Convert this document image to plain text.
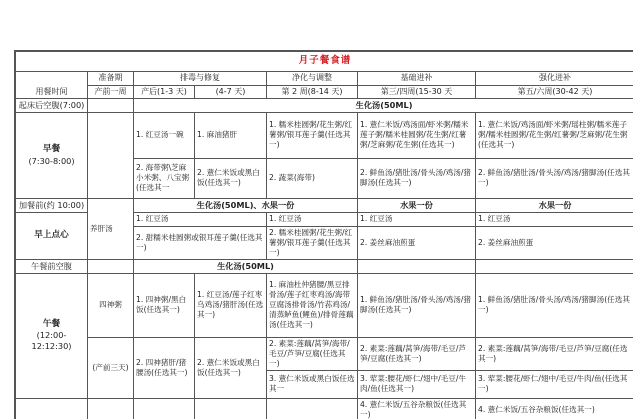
月子餐食谱						
用餐时间	准备期	排毒与修复		净化与调整	基础进补	强化进补
	产前一周	产后(1-3 天)	(4-7 天)	第 2 周(8-14 天)	第三/四周(15-30 天	第五/六周(30-42 天)
起床后空腹(7:00)		生化汤(50ML)				

早餐
(7:30-8:00)		1. 红豆汤一碗	1. 麻油猪肝	1. 糯米桂圆粥/花生粥/红薯粥/银耳莲子羹(任选其一)	1. 薏仁米饭/鸡汤面/虾米粥/糯米莲子粥/糯米桂圆粥/花生粥/红薯粥/芝麻粥/花生粥(任选其一)	1. 薏仁米饭/鸡汤面/虾米粥/瑶柱粥/糯米莲子粥/糯米桂圆粥/花生粥/红薯粥/芝麻粥/花生粥(任选其一)
		2. 海带粥\芝麻小米粥、八宝粥(任选其一	2. 薏仁米饭或黑白饭(任选其一)	2. 蔬菜(海带)	2. 鲜鱼汤/猪肚汤/骨头汤/鸡汤/猪脚汤(任选其一)	2. 鲜鱼汤/猪肚汤/骨头汤/鸡汤/猪脚汤(任选其一)
加餐前(约 10:00)	养肝汤	生化汤(50ML)、水果一份			水果一份	水果一份
早上点心		1. 红豆汤		1. 红豆汤	1. 红豆汤	1. 红豆汤
		2. 甜糯米桂圆粥或银耳莲子羹(任选其一)		2. 糯米桂圆粥/花生粥/红薯粥/银耳莲子羹(任选其一)	2. 姜丝麻油煎蛋	2. 姜丝麻油煎蛋
午餐前空腹		生化汤(50ML)				

午餐
(12:00-12:12:30)	四神粥	1. 四神粥/黑白饭(任选其一)	1. 红豆汤/莲子红枣乌鸡汤/猪肝汤(任选其一)	1. 麻油杜仲猪腰/黑豆排骨汤/莲子红枣鸡汤/海带豆腐汤排骨汤/竹荪鸡汤/清蒸鲈鱼(鲤鱼)/排骨莲藕汤(任选其一)	1. 鲜鱼汤/猪肚汤/骨头汤/鸡汤/猪脚汤(任选其一)	1. 鲜鱼汤/猪肚汤/骨头汤/鸡汤/猪脚汤(任选其一)

	(产前三天)	2. 四神猪肝/猪腰汤(任选其一)	2. 薏仁米饭或黑白饭(任选其一)	2. 素菜:莲藕/莴笋/海带/毛豆/芦笋/豆腐(任选其一)	2. 素菜:莲藕/莴笋/海带/毛豆/芦笋/豆腐(任选其一)	2. 素菜:莲藕/莴笋/海带/毛豆/芦笋/豆腐(任选其一)
				3. 薏仁米饭或黑白饭任选其一	3. 荤菜:腰花/虾仁/翅中/毛豆/牛肉/鱼(任选其一)	3. 荤菜:腰花/虾仁/翅中/毛豆/牛肉/鱼(任选其一)
					4. 薏仁米饭/五谷杂粮饭(任选其一)	4. 薏仁米饭/五谷杂粮饭(任选其一)
